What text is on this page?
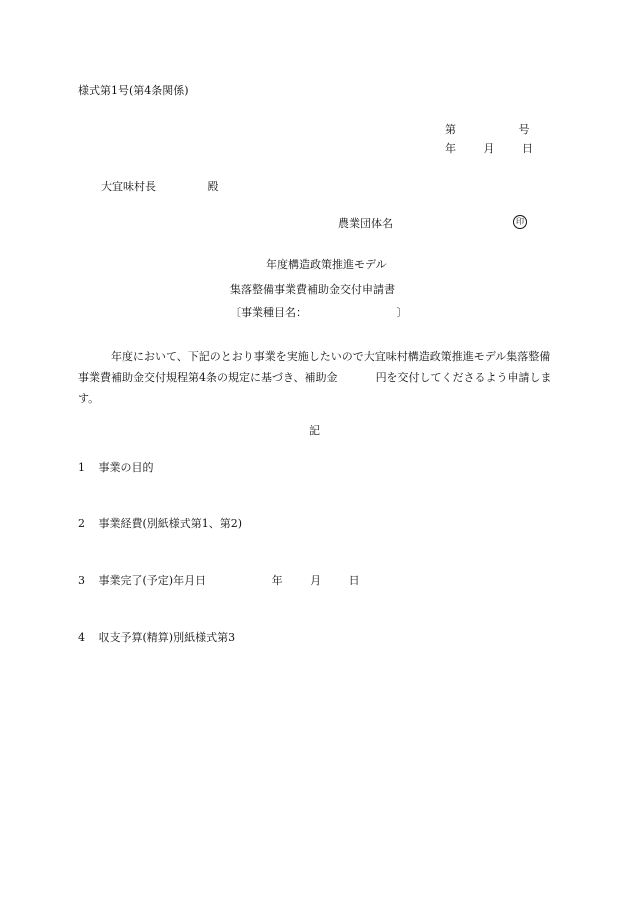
様式第1号(第4条関係)
第	号
年	月	日
大宜味村長	殿
農業団体名	印
年度構造政策推進モデル
集落整備事業費補助金交付申請書
〔事業種目名：	〕
年度において、下記のとおり事業を実施したいので大宜味村構造政策推進モデル集落整備事業費補助金交付規程第4条の規定に基づき、補助金	円を交付してくださるよう申請します。
記
1 事業の目的
2 事業経費(別紙様式第1、第2)
3 事業完了(予定)年月日	年	月	日
4 収支予算(精算)別紙様式第3
